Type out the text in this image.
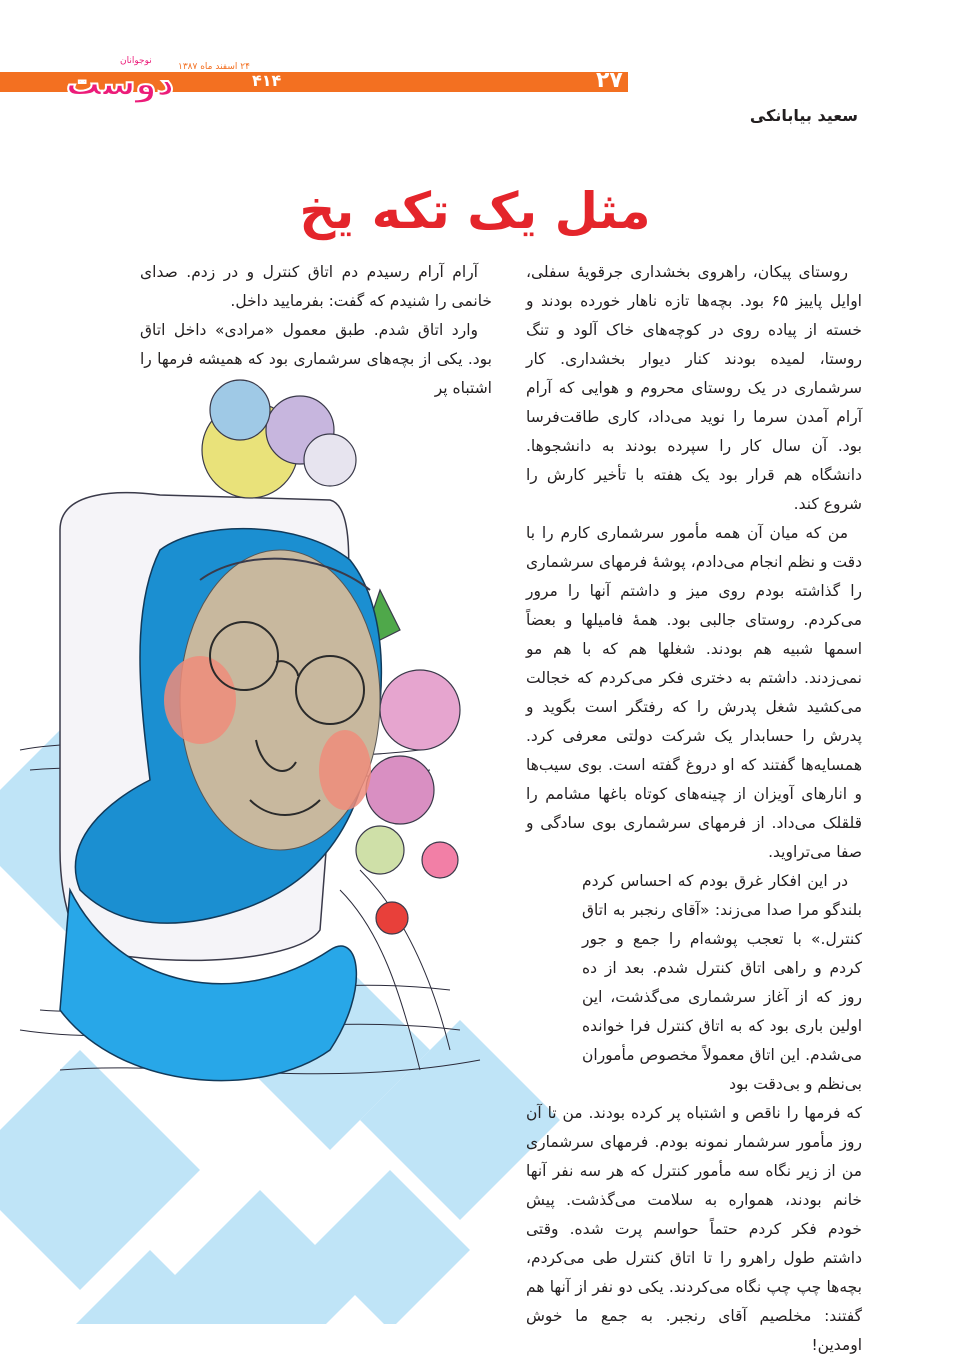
۲۷
۴۱۴
۲۴ اسفند ماه ۱۳۸۷
نوجوانان
دوست
سعید بیابانکی
مثل یک تکه یخ

روستای پیکان، راهروی بخشداری جرقویهٔ سفلی، اوایل پاییز ۶۵ بود. بچه‌ها تازه ناهار خورده بودند و خسته از پیاده روی در کوچه‌های خاک آلود و تنگ روستا، لمیده بودند کنار دیوار بخشداری. کار سرشماری در یک روستای محروم و هوایی که آرام آرام آمدن سرما را نوید می‌داد، کاری طاقت‌فرسا بود. آن سال کار را سپرده بودند به دانشجوها. دانشگاه هم قرار بود یک هفته با تأخیر کارش را شروع کند.

من که میان آن همه مأمور سرشماری کارم را با دقت و نظم انجام می‌دادم، پوشهٔ فرمهای سرشماری را گذاشته بودم روی میز و داشتم آنها را مرور می‌کردم. روستای جالبی بود. همهٔ فامیلها و بعضاً اسمها شبیه هم بودند. شغلها هم که با هم مو نمی‌زدند. داشتم به دختری فکر می‌کردم که خجالت می‌کشید شغل پدرش را که رفتگر است بگوید و پدرش را حسابدار یک شرکت دولتی معرفی کرد. همسایه‌ها گفتند که او دروغ گفته است. بوی سیب‌ها و انارهای آویزان از چینه‌های کوتاه باغها مشامم را قلقلک می‌داد. از فرمهای سرشماری بوی سادگی و صفا می‌تراوید.

در این افکار غرق بودم که احساس کردم بلندگو مرا صدا می‌زند: «آقای رنجبر به اتاق کنترل.» با تعجب پوشه‌ام را جمع و جور کردم و راهی اتاق کنترل شدم. بعد از ده روز که از آغاز سرشماری می‌گذشت، این اولین باری بود که به اتاق کنترل فرا خوانده می‌شدم. این اتاق معمولاً مخصوص مأموران بی‌نظم و بی‌دقت بود

که فرمها را ناقص و اشتباه پر کرده بودند. من تا آن روز مأمور سرشمار نمونه بودم. فرمهای سرشماری من از زیر نگاه سه مأمور کنترل که هر سه نفر آنها خانم بودند، همواره به سلامت می‌گذشت. پیش خودم فکر کردم حتماً حواسم پرت شده. وقتی داشتم طول راهرو را تا اتاق کنترل طی می‌کردم، بچه‌ها چپ چپ نگاه می‌کردند. یکی دو نفر از آنها هم گفتند: مخلصیم آقای رنجبر. به جمع ما خوش اومدین!

آرام آرام رسیدم دم اتاق کنترل و در زدم. صدای خانمی را شنیدم که گفت: بفرمایید داخل.

وارد اتاق شدم. طبق معمول «مرادی» داخل اتاق بود. یکی از بچه‌های سرشماری بود که همیشه فرمها را اشتباه پر
